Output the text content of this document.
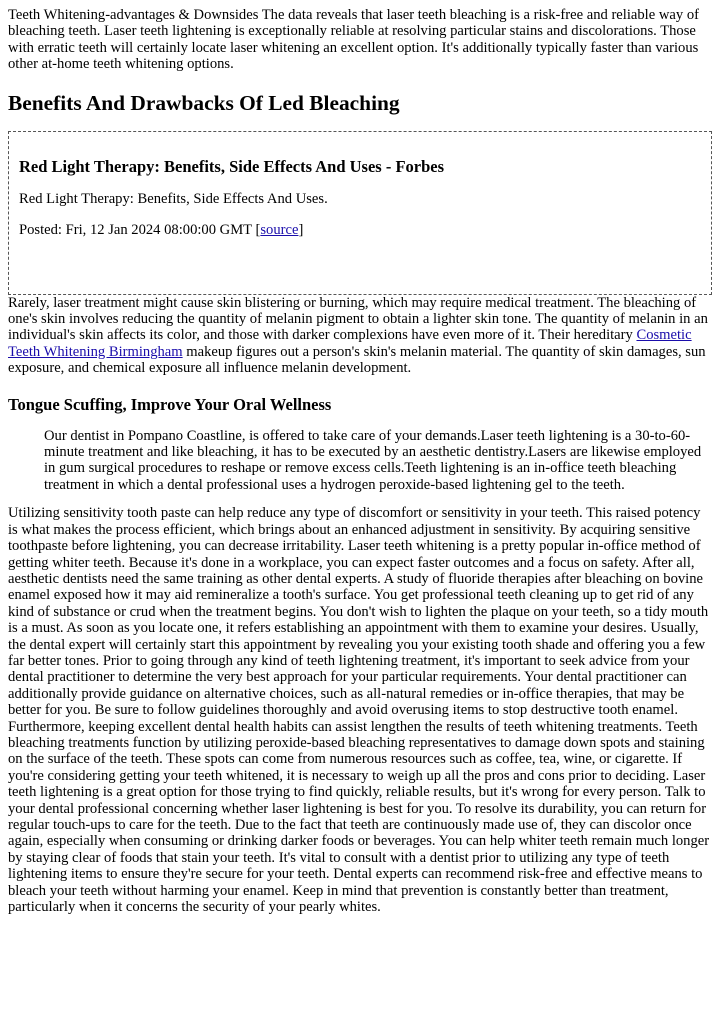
Teeth Whitening-advantages & Downsides The data reveals that laser teeth bleaching is a risk-free and reliable way of bleaching teeth. Laser teeth lightening is exceptionally reliable at resolving particular stains and discolorations. Those with erratic teeth will certainly locate laser whitening an excellent option. It's additionally typically faster than various other at-home teeth whitening options.

Benefits And Drawbacks Of Led Bleaching
Red Light Therapy: Benefits, Side Effects And Uses - Forbes

Red Light Therapy: Benefits, Side Effects And Uses.

Posted: Fri, 12 Jan 2024 08:00:00 GMT [source]

Rarely, laser treatment might cause skin blistering or burning, which may require medical treatment. The bleaching of one's skin involves reducing the quantity of melanin pigment to obtain a lighter skin tone. The quantity of melanin in an individual's skin affects its color, and those with darker complexions have even more of it. Their hereditary Cosmetic Teeth Whitening Birmingham makeup figures out a person's skin's melanin material. The quantity of skin damages, sun exposure, and chemical exposure all influence melanin development.

Tongue Scuffing, Improve Your Oral Wellness

Our dentist in Pompano Coastline, is offered to take care of your demands.Laser teeth lightening is a 30-to-60-minute treatment and like bleaching, it has to be executed by an aesthetic dentistry.Lasers are likewise employed in gum surgical procedures to reshape or remove excess cells.Teeth lightening is an in-office teeth bleaching treatment in which a dental professional uses a hydrogen peroxide-based lightening gel to the teeth.

Utilizing sensitivity tooth paste can help reduce any type of discomfort or sensitivity in your teeth. This raised potency is what makes the process efficient, which brings about an enhanced adjustment in sensitivity. By acquiring sensitive toothpaste before lightening, you can decrease irritability. Laser teeth whitening is a pretty popular in-office method of getting whiter teeth. Because it's done in a workplace, you can expect faster outcomes and a focus on safety. After all, aesthetic dentists need the same training as other dental experts. A study of fluoride therapies after bleaching on bovine enamel exposed how it may aid remineralize a tooth's surface. You get professional teeth cleaning up to get rid of any kind of substance or crud when the treatment begins. You don't wish to lighten the plaque on your teeth, so a tidy mouth is a must. As soon as you locate one, it refers establishing an appointment with them to examine your desires. Usually, the dental expert will certainly start this appointment by revealing you your existing tooth shade and offering you a few far better tones. Prior to going through any kind of teeth lightening treatment, it's important to seek advice from your dental practitioner to determine the very best approach for your particular requirements. Your dental practitioner can additionally provide guidance on alternative choices, such as all-natural remedies or in-office therapies, that may be better for you. Be sure to follow guidelines thoroughly and avoid overusing items to stop destructive tooth enamel. Furthermore, keeping excellent dental health habits can assist lengthen the results of teeth whitening treatments. Teeth bleaching treatments function by utilizing peroxide-based bleaching representatives to damage down spots and staining on the surface of the teeth. These spots can come from numerous resources such as coffee, tea, wine, or cigarette. If you're considering getting your teeth whitened, it is necessary to weigh up all the pros and cons prior to deciding. Laser teeth lightening is a great option for those trying to find quickly, reliable results, but it's wrong for every person. Talk to your dental professional concerning whether laser lightening is best for you. To resolve its durability, you can return for regular touch-ups to care for the teeth. Due to the fact that teeth are continuously made use of, they can discolor once again, especially when consuming or drinking darker foods or beverages. You can help whiter teeth remain much longer by staying clear of foods that stain your teeth. It's vital to consult with a dentist prior to utilizing any type of teeth lightening items to ensure they're secure for your teeth. Dental experts can recommend risk-free and effective means to bleach your teeth without harming your enamel. Keep in mind that prevention is constantly better than treatment, particularly when it concerns the security of your pearly whites.
